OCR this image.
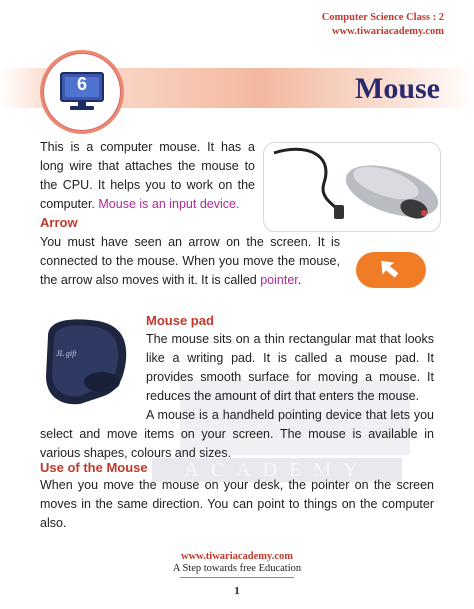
Computer Science Class : 2
www.tiwariacademy.com
ACADEMY
6	Mouse
This is a computer mouse. It has a long wire that attaches the mouse to the CPU. It helps you to work on the computer. Mouse is an input device.
Arrow
You must have seen an arrow on the screen. It is connected to the mouse. When you move the mouse, the arrow also moves with it. It is called pointer.
JL gift
Mouse pad
The mouse sits on a thin rectangular mat that looks like a writing pad. It is called a mouse pad. It provides smooth surface for moving a mouse. It reduces the amount of dirt that enters the mouse.
A mouse is a handheld pointing device that lets you select and move items on your screen. The mouse is available in various shapes, colours and sizes.
Use of the Mouse
When you move the mouse on your desk, the pointer on the screen moves in the same direction. You can point to things on the computer also.
www.tiwariacademy.com
A Step towards free Education
1
